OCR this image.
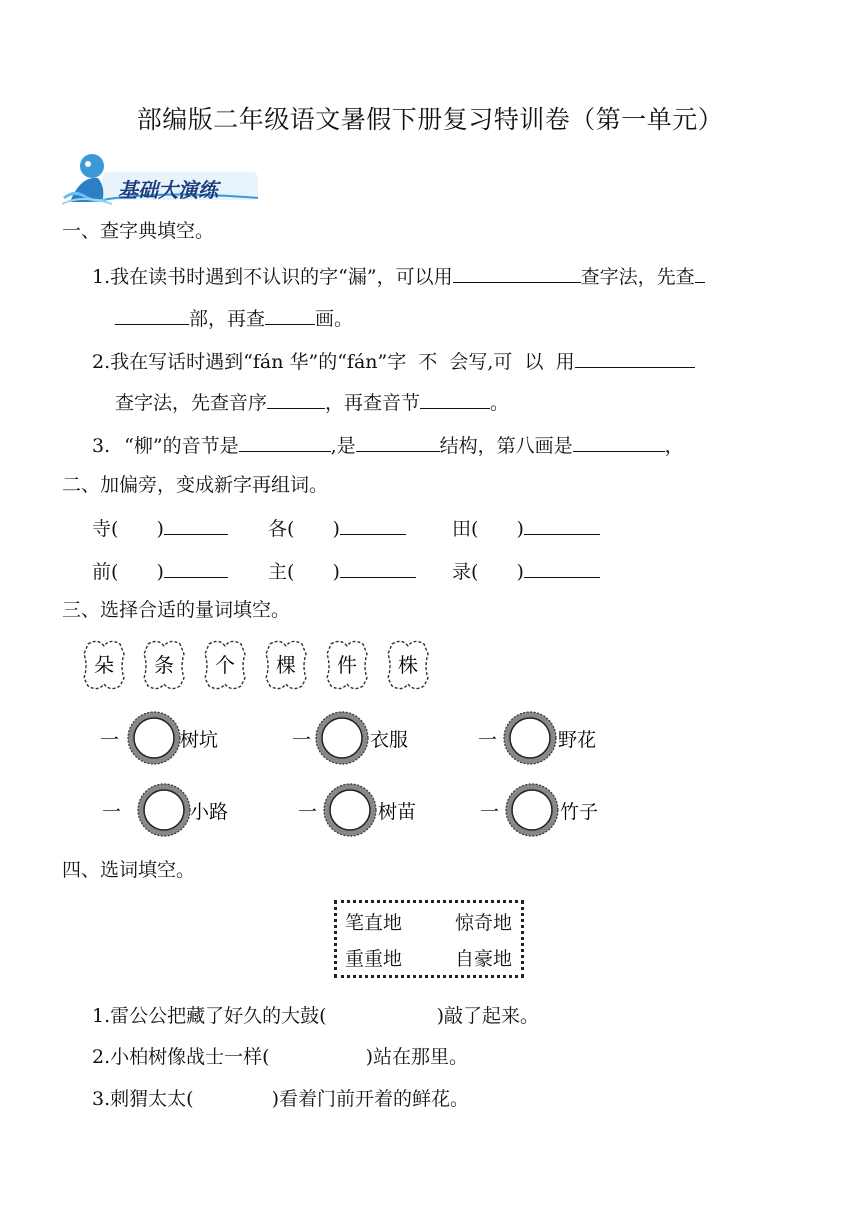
部编版二年级语文暑假下册复习特训卷（第一单元）
基础大演练
一、查字典填空。
1.我在读书时遇到不认识的字“漏”，可以用	查字法，先查
部，再查	画。
2.我在写话时遇到“fán 华”的“fán”字  不  会写,可  以  用
查字法，先查音序	，再查音节	。
3. “柳”的音节是	,是	结构，第八画是	，
二、加偏旁，变成新字再组词。
寺( )	各( )	田( )
前( )	主( )	录( )
三、选择合适的量词填空。
朵 条 个 棵 件 株
一	树坑	一	衣服	一	野花
一	小路	一	树苗	一	竹子
四、选词填空。
笔直地	惊奇地
重重地	自豪地
1.雷公公把藏了好久的大鼓(	)敲了起来。
2.小柏树像战士一样(	)站在那里。
3.刺猬太太(	)看着门前开着的鲜花。
